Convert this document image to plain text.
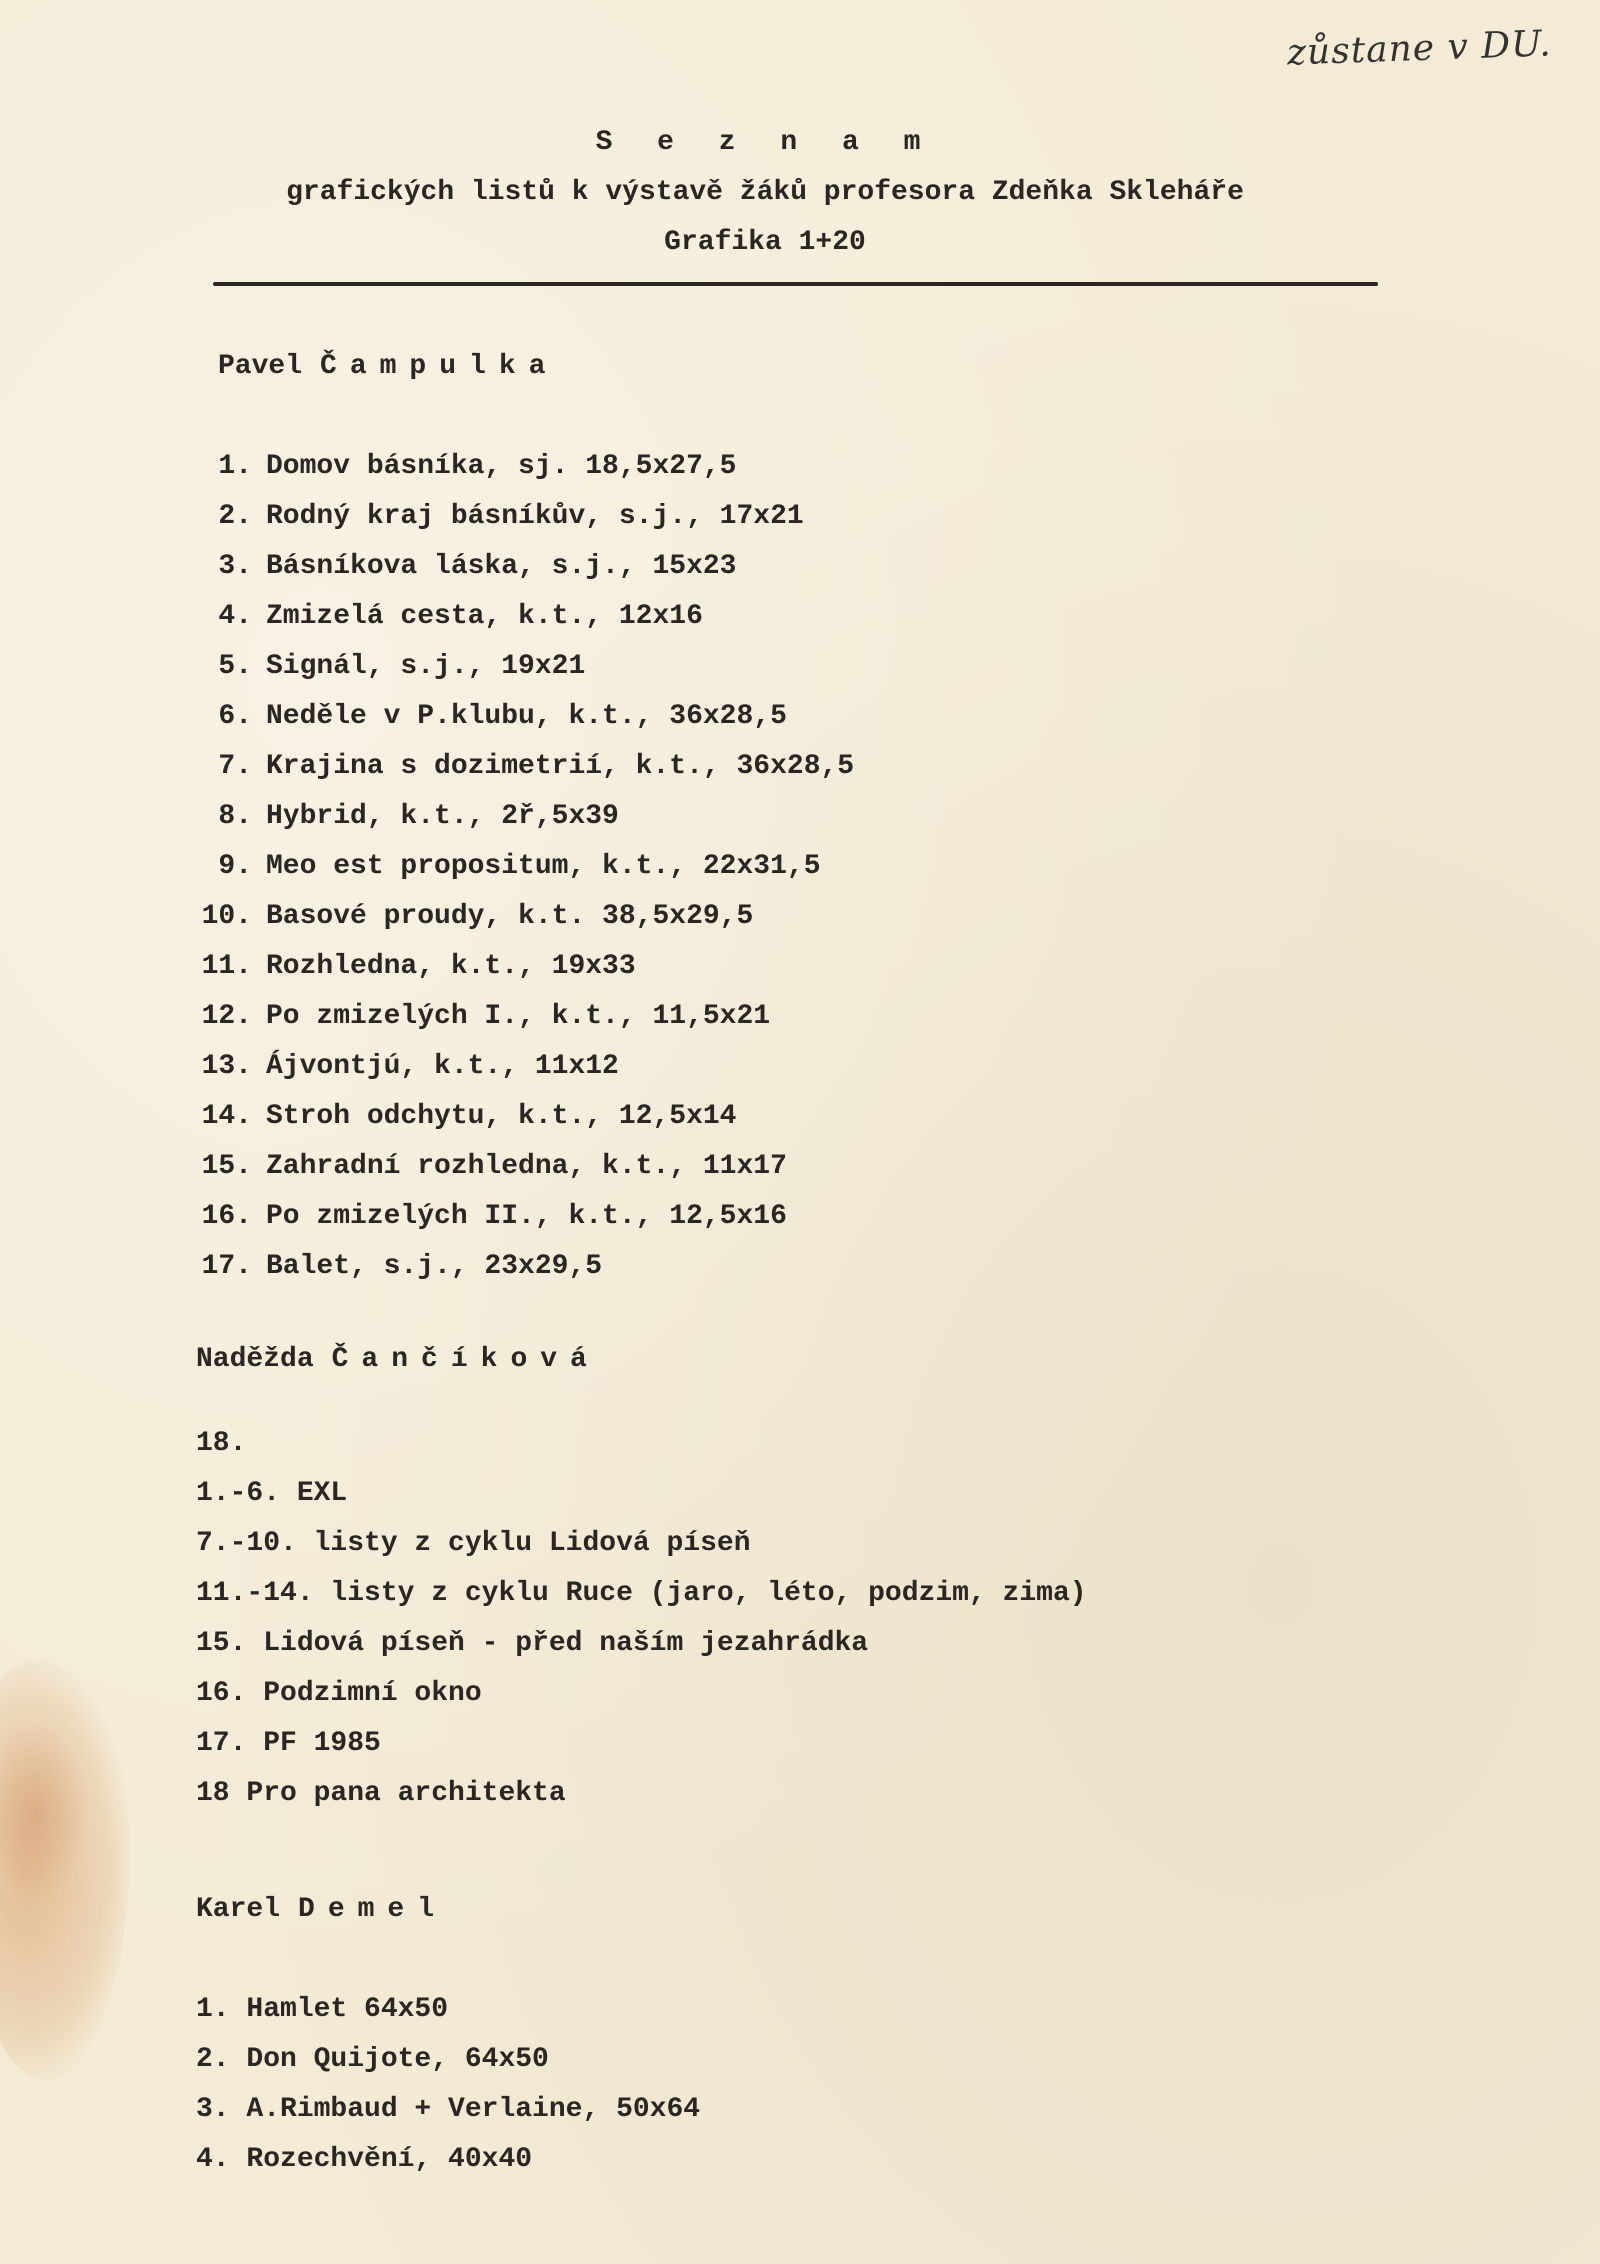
zůstane v DU.
S e z n a m
grafických listů k výstavě žáků profesora Zdeňka Skleháře
Grafika 1+20
Pavel Čampulka
1. Domov básníka, sj. 18,5x27,5
2. Rodný kraj básníkův, s.j., 17x21
3. Básníkova láska, s.j., 15x23
4. Zmizelá cesta, k.t., 12x16
5. Signál, s.j., 19x21
6. Neděle v P.klubu, k.t., 36x28,5
7. Krajina s dozimetrií, k.t., 36x28,5
8. Hybrid, k.t., 2ř,5x39
9. Meo est propositum, k.t., 22x31,5
10. Basové proudy, k.t. 38,5x29,5
11. Rozhledna, k.t., 19x33
12. Po zmizelých I., k.t., 11,5x21
13. Ájvontjú, k.t., 11x12
14. Stroh odchytu, k.t., 12,5x14
15. Zahradní rozhledna, k.t., 11x17
16. Po zmizelých II., k.t., 12,5x16
17. Balet, s.j., 23x29,5
Naděžda Čančíková
18.
1.-6. EXL
7.-10. listy z cyklu Lidová píseň
11.-14. listy z cyklu Ruce (jaro, léto, podzim, zima)
15. Lidová píseň - před naším jezahrádka
16. Podzimní okno
17. PF 1985
18 Pro pana architekta
Karel Demel
1. Hamlet 64x50
2. Don Quijote, 64x50
3. A.Rimbaud + Verlaine, 50x64
4. Rozechvění, 40x40
